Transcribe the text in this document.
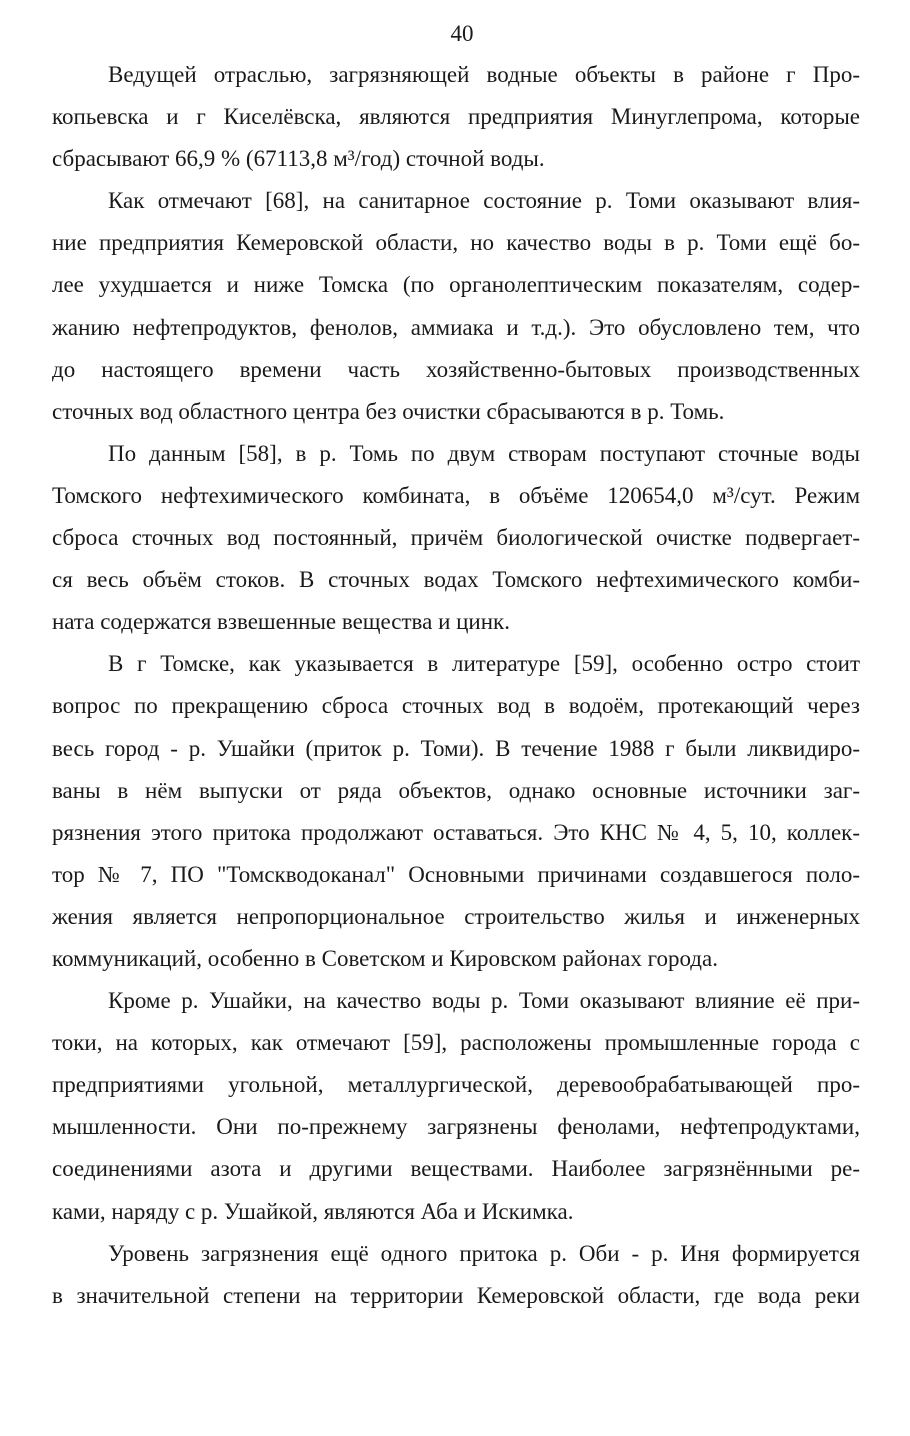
40
Ведущей отраслью, загрязняющей водные объекты в районе г Про-
копьевска и г Киселёвска, являются предприятия Минуглепрома, которые
сбрасывают 66,9 % (67113,8 м³/год) сточной воды.
Как отмечают [68], на санитарное состояние р. Томи оказывают влия-
ние предприятия Кемеровской области, но качество воды в р. Томи ещё бо-
лее ухудшается и ниже Томска (по органолептическим показателям, содер-
жанию нефтепродуктов, фенолов, аммиака и т.д.). Это обусловлено тем, что
до настоящего времени часть хозяйственно-бытовых производственных
сточных вод областного центра без очистки сбрасываются в р. Томь.
По данным [58], в р. Томь по двум створам поступают сточные воды
Томского нефтехимического комбината, в объёме 120654,0 м³/сут. Режим
сброса сточных вод постоянный, причём биологической очистке подвергает-
ся весь объём стоков. В сточных водах Томского нефтехимического комби-
ната содержатся взвешенные вещества и цинк.
В г Томске, как указывается в литературе [59], особенно остро стоит
вопрос по прекращению сброса сточных вод в водоём, протекающий через
весь город - р. Ушайки (приток р. Томи). В течение 1988 г были ликвидиро-
ваны в нём выпуски от ряда объектов, однако основные источники заг-
рязнения этого притока продолжают оставаться. Это КНС № 4, 5, 10, коллек-
тор № 7, ПО "Томскводоканал" Основными причинами создавшегося поло-
жения является непропорциональное строительство жилья и инженерных
коммуникаций, особенно в Советском и Кировском районах города.
Кроме р. Ушайки, на качество воды р. Томи оказывают влияние её при-
токи, на которых, как отмечают [59], расположены промышленные города с
предприятиями угольной, металлургической, деревообрабатывающей про-
мышленности. Они по-прежнему загрязнены фенолами, нефтепродуктами,
соединениями азота и другими веществами. Наиболее загрязнёнными ре-
ками, наряду с р. Ушайкой, являются Аба и Искимка.
Уровень загрязнения ещё одного притока р. Оби - р. Иня формируется
в значительной степени на территории Кемеровской области, где вода реки
